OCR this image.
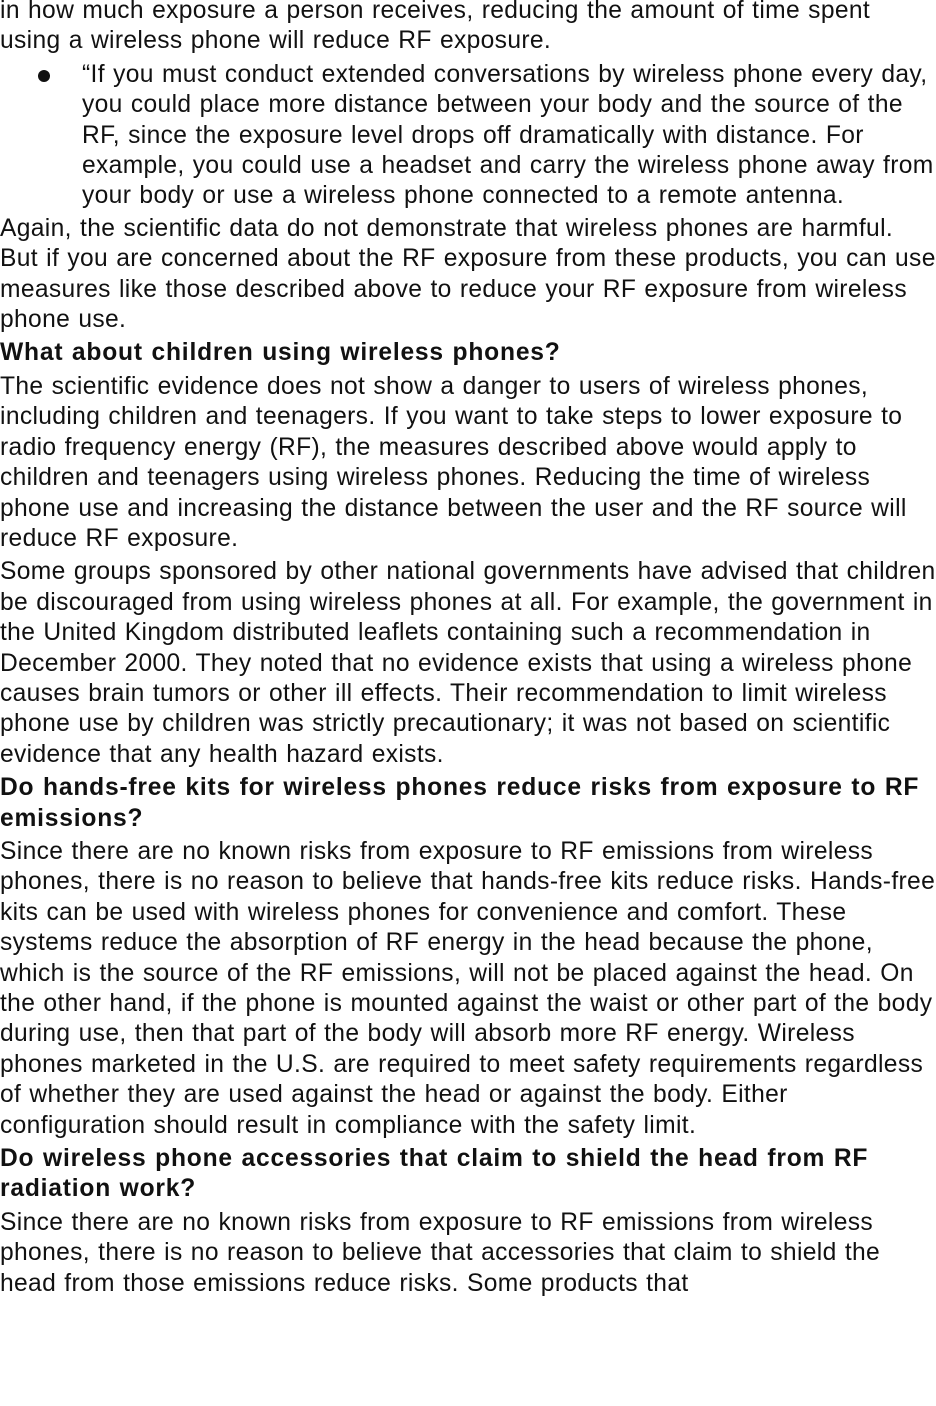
in how much exposure a person receives, reducing the amount of time spent using a wireless phone will reduce RF exposure.

“If you must conduct extended conversations by wireless phone every day, you could place more distance between your body and the source of the RF, since the exposure level drops off dramatically with distance. For example, you could use a headset and carry the wireless phone away from your body or use a wireless phone connected to a remote antenna.

Again, the scientific data do not demonstrate that wireless phones are harmful. But if you are concerned about the RF exposure from these products, you can use measures like those described above to reduce your RF exposure from wireless phone use.

What about children using wireless phones?

The scientific evidence does not show a danger to users of wireless phones, including children and teenagers. If you want to take steps to lower exposure to radio frequency energy (RF), the measures described above would apply to children and teenagers using wireless phones. Reducing the time of wireless phone use and increasing the distance between the user and the RF source will reduce RF exposure.

Some groups sponsored by other national governments have advised that children be discouraged from using wireless phones at all. For example, the government in the United Kingdom distributed leaflets containing such a recommendation in December 2000. They noted that no evidence exists that using a wireless phone causes brain tumors or other ill effects. Their recommendation to limit wireless phone use by children was strictly precautionary; it was not based on scientific evidence that any health hazard exists.

Do hands-free kits for wireless phones reduce risks from exposure to RF emissions?

Since there are no known risks from exposure to RF emissions from wireless phones, there is no reason to believe that hands-free kits reduce risks. Hands-free kits can be used with wireless phones for convenience and comfort. These systems reduce the absorption of RF energy in the head because the phone, which is the source of the RF emissions, will not be placed against the head. On the other hand, if the phone is mounted against the waist or other part of the body during use, then that part of the body will absorb more RF energy. Wireless phones marketed in the U.S. are required to meet safety requirements regardless of whether they are used against the head or against the body. Either configuration should result in compliance with the safety limit.

Do wireless phone accessories that claim to shield the head from RF radiation work?

Since there are no known risks from exposure to RF emissions from wireless phones, there is no reason to believe that accessories that claim to shield the head from those emissions reduce risks. Some products that
